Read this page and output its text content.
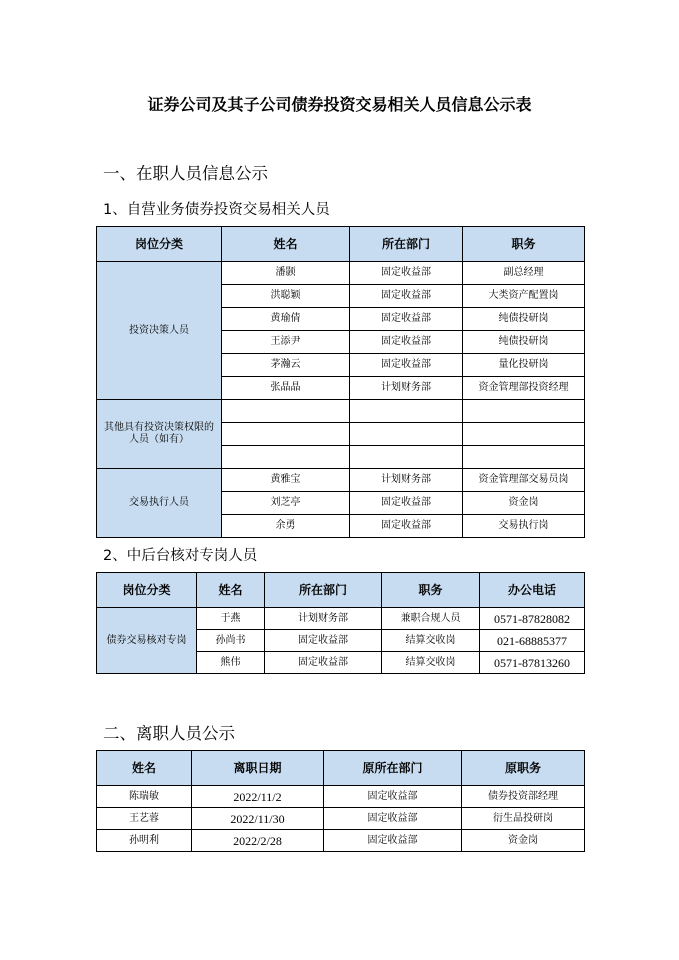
证券公司及其子公司债券投资交易相关人员信息公示表
一、在职人员信息公示
1、自营业务债券投资交易相关人员
岗位分类	姓名	所在部门	职务
投资决策人员	潘颢	固定收益部	副总经理
	洪聪颖	固定收益部	大类资产配置岗
	黄瑜倩	固定收益部	纯债投研岗
	王添尹	固定收益部	纯债投研岗
	茅瀚云	固定收益部	量化投研岗
	张晶晶	计划财务部	资金管理部投资经理
其他具有投资决策权限的人员（如有）			

交易执行人员	黄雅宝	计划财务部	资金管理部交易员岗
	刘芝亭	固定收益部	资金岗
	余勇	固定收益部	交易执行岗
2、中后台核对专岗人员
岗位分类	姓名	所在部门	职务	办公电话
债券交易核对专岗	于燕	计划财务部	兼职合规人员	0571-87828082
	孙尚书	固定收益部	结算交收岗	021-68885377
	熊伟	固定收益部	结算交收岗	0571-87813260
二、离职人员公示
姓名	离职日期	原所在部门	原职务
陈瑞敏	2022/11/2	固定收益部	债券投资部经理
王艺蓉	2022/11/30	固定收益部	衍生品投研岗
孙明利	2022/2/28	固定收益部	资金岗
